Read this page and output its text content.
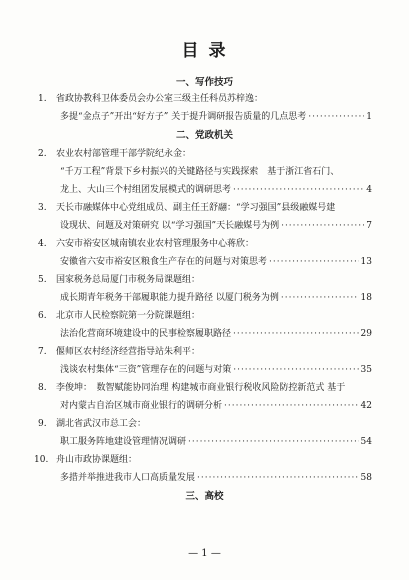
目 录
一、写作技巧
1. 省政协教科卫体委员会办公室三级主任科员苏梓逸：
多提“金点子”开出“好方子” 关于提升调研报告质量的几点思考 ·····	1
二、党政机关
2. 农业农村部管理干部学院纪永金：
“千万工程”背景下乡村振兴的关键路径与实践探索　基于浙江省石门、
龙上、大山三个村组团发展模式的调研思考 ·····	4
3. 天长市融媒体中心党组成员、副主任王舒翮：“学习强国”县级融媒号建
设现状、问题及对策研究 以“学习强国”天长融媒号为例 ·····	7
4. 六安市裕安区城南镇农业农村管理服务中心蒋欣：
安徽省六安市裕安区粮食生产存在的问题与对策思考 ·····	13
5. 国家税务总局厦门市税务局课题组：
成长期青年税务干部履职能力提升路径 以厦门税务为例 ·····	18
6. 北京市人民检察院第一分院课题组：
法治化营商环境建设中的民事检察履职路径 ·····	29
7. 偃师区农村经济经营指导站朱利平：
浅谈农村集体“三资”管理存在的问题与对策 ·····	35
8. 李俊坤：　数智赋能协同治理 构建城市商业银行税收风险防控新范式 基于
对内蒙古自治区城市商业银行的调研分析 ·····	42
9. 湖北省武汉市总工会：
职工服务阵地建设管理情况调研 ·····	54
10. 舟山市政协课题组：
多措并举推进我市人口高质量发展 ·····	58
三、高校
— 1 —
